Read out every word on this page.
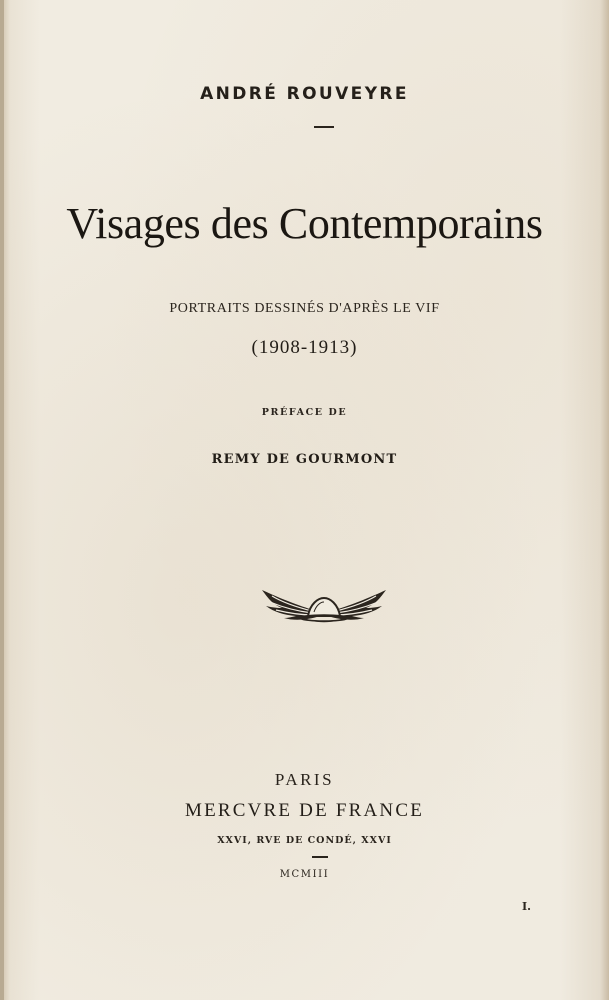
ANDRÉ ROUVEYRE
Visages des Contemporains
PORTRAITS DESSINÉS D'APRÈS LE VIF
(1908-1913)
PRÉFACE DE
REMY DE GOURMONT
PARIS
MERCVRE DE FRANCE
XXVI, RVE DE CONDÉ, XXVI
MCMIII
I.
